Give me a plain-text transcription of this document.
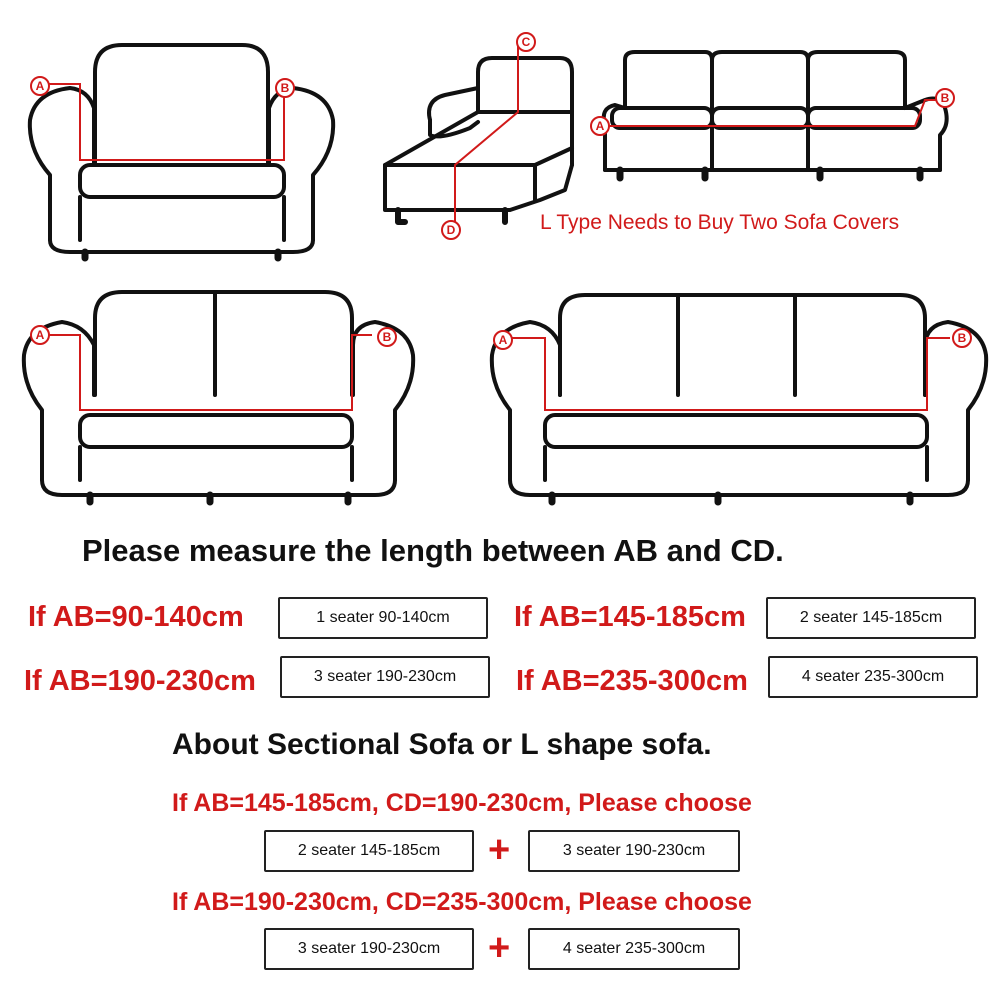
A	B
C
D
A
B
A	B	A	B
L Type Needs to Buy Two Sofa Covers
Please measure the length between AB and CD.
If AB=90-140cm	1 seater 90-140cm	If AB=145-185cm	2 seater 145-185cm
If AB=190-230cm	3 seater 190-230cm	If AB=235-300cm	4 seater 235-300cm
About Sectional Sofa or L shape sofa.
If AB=145-185cm, CD=190-230cm, Please choose
2 seater 145-185cm	+	3 seater 190-230cm
If AB=190-230cm, CD=235-300cm, Please choose
3 seater 190-230cm	+	4 seater 235-300cm
